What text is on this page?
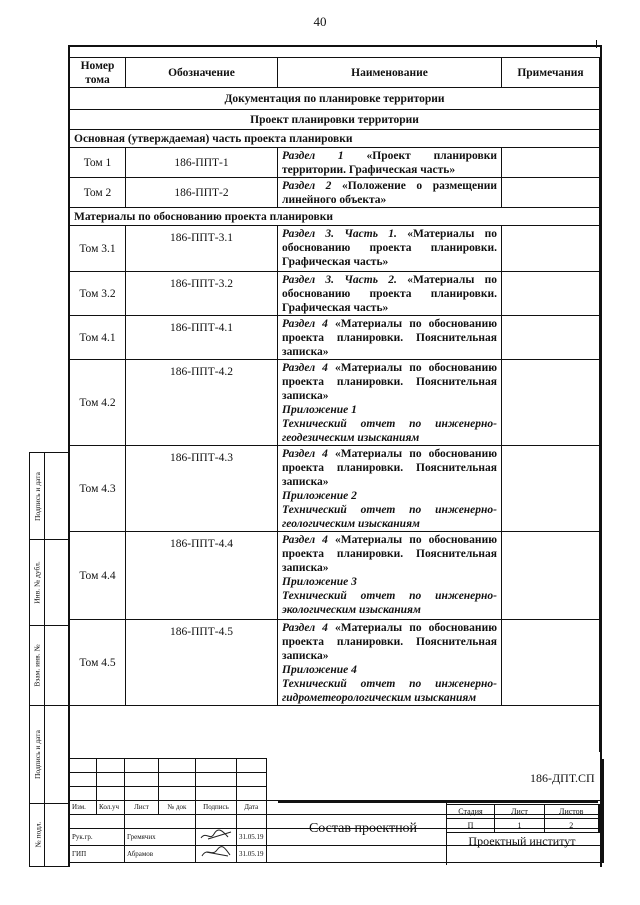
40
Номер тома	Обозначение	Наименование	Примечания
Документация по планировке территории			
Проект планировки территории			
Основная (утверждаемая) часть проекта планировки			
Том 1	186-ППТ-1	Раздел 1 «Проект планировки территории. Графическая часть»	
Том 2	186-ППТ-2	Раздел 2 «Положение о размещении линейного объекта»	
Материалы по обоснованию проекта планировки			
Том 3.1	186-ППТ-3.1	Раздел 3. Часть 1. «Материалы по обоснованию проекта планировки. Графическая часть»	
Том 3.2	186-ППТ-3.2	Раздел 3. Часть 2. «Материалы по обоснованию проекта планировки. Графическая часть»	
Том 4.1	186-ППТ-4.1	Раздел 4 «Материалы по обоснованию проекта планировки. Пояснительная записка»	
Том 4.2	186-ППТ-4.2	Раздел 4 «Материалы по обоснованию проекта планировки. Пояснительная записка»
Приложение 1
Технический отчет по инженерно-геодезическим изысканиям	
Том 4.3	186-ППТ-4.3	Раздел 4 «Материалы по обоснованию проекта планировки. Пояснительная записка»
Приложение 2
Технический отчет по инженерно-геологическим изысканиям	
Том 4.4	186-ППТ-4.4	Раздел 4 «Материалы по обоснованию проекта планировки. Пояснительная записка»
Приложение 3
Технический отчет по инженерно-экологическим изысканиям	
Том 4.5	186-ППТ-4.5	Раздел 4 «Материалы по обоснованию проекта планировки. Пояснительная записка»
Приложение 4
Технический отчет по инженерно-гидрометеорологическим изысканиям	

Изм.	Кол.уч	Лист	№ док	Подпись	Дата	

Рук.гр.		Гремячих			31.05.19	
ГИП		Абрамов			31.05.19	
186-ДПТ.СП
Стадия	Лист	Листов
П	1	2
Состав проектной
Проектный институт
Подпись и дата
Инв. № дубл.
Взам. инв. №
Подпись и дата
№ подл.
